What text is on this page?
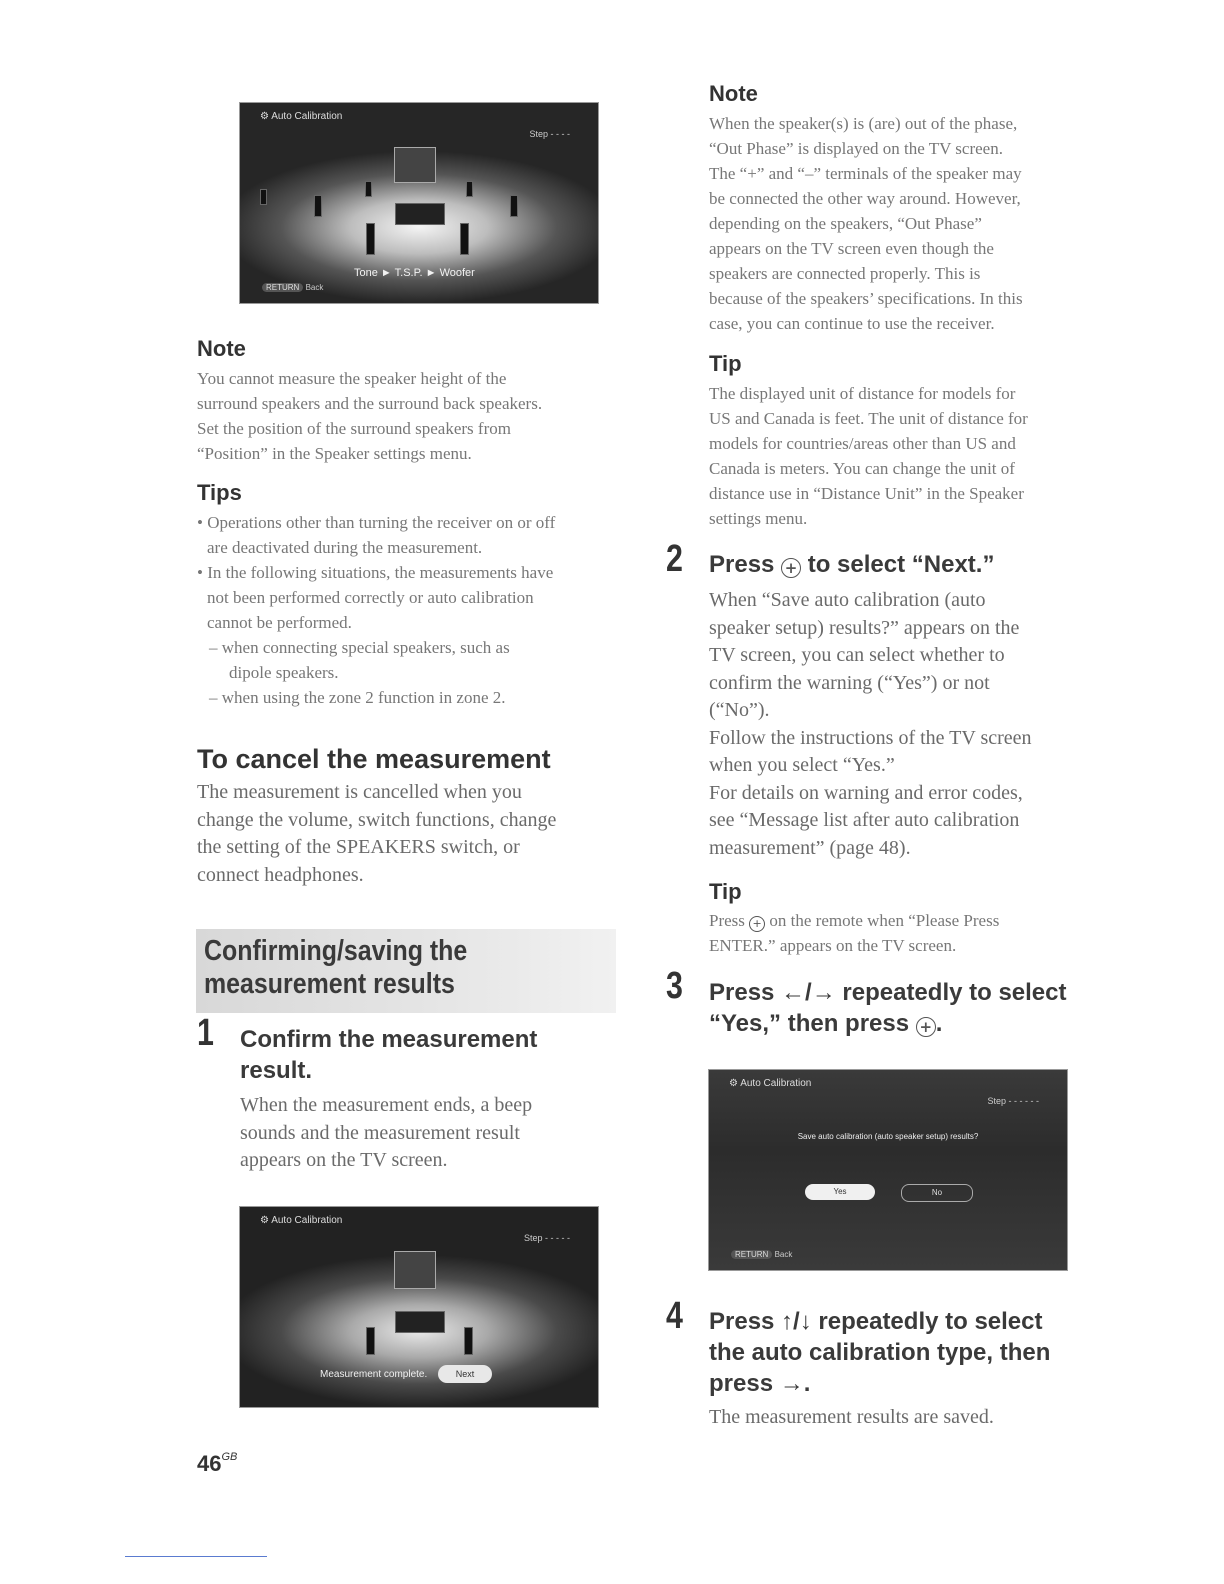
⚙ Auto Calibration
Step - - - -
Tone ► T.S.P. ► Woofer
RETURN Back
Note

You cannot measure the speaker height of the

surround speakers and the surround back speakers.

Set the position of the surround speakers from

“Position” in the Speaker settings menu.

Tips

• Operations other than turning the receiver on or off

are deactivated during the measurement.

• In the following situations, the measurements have

not been performed correctly or auto calibration

cannot be performed.

– when connecting special speakers, such as

dipole speakers.

– when using the zone 2 function in zone 2.

To cancel the measurement

The measurement is cancelled when you

change the volume, switch functions, change

the setting of the SPEAKERS switch, or

connect headphones.

Confirming/saving the
measurement results
1 Confirm the measurement
result.

When the measurement ends, a beep

sounds and the measurement result

appears on the TV screen.

⚙ Auto Calibration
Step - - - - -
Measurement complete.	Next
$46^{GB}$
Note

When the speaker(s) is (are) out of the phase,

“Out Phase” is displayed on the TV screen.

The “+” and “–” terminals of the speaker may

be connected the other way around. However,

depending on the speakers, “Out Phase”

appears on the TV screen even though the

speakers are connected properly. This is

because of the speakers’ specifications. In this

case, you can continue to use the receiver.

Tip

The displayed unit of distance for models for

US and Canada is feet. The unit of distance for

models for countries/areas other than US and

Canada is meters. You can change the unit of

distance use in “Distance Unit” in the Speaker

settings menu.

2 Press + to select “Next.”

When “Save auto calibration (auto

speaker setup) results?” appears on the

TV screen, you can select whether to

confirm the warning (“Yes”) or not

(“No”).

Follow the instructions of the TV screen

when you select “Yes.”

For details on warning and error codes,

see “Message list after auto calibration

measurement” (page 48).

Tip

Press + on the remote when “Please Press

ENTER.” appears on the TV screen.

3 Press ←/→ repeatedly to select
“Yes,” then press + .
⚙ Auto Calibration
Step - - - - - -
Save auto calibration (auto speaker setup) results?
Yes	No
RETURN Back
4 Press ↑/↓ repeatedly to select
the auto calibration type, then
press →.
The measurement results are saved.
